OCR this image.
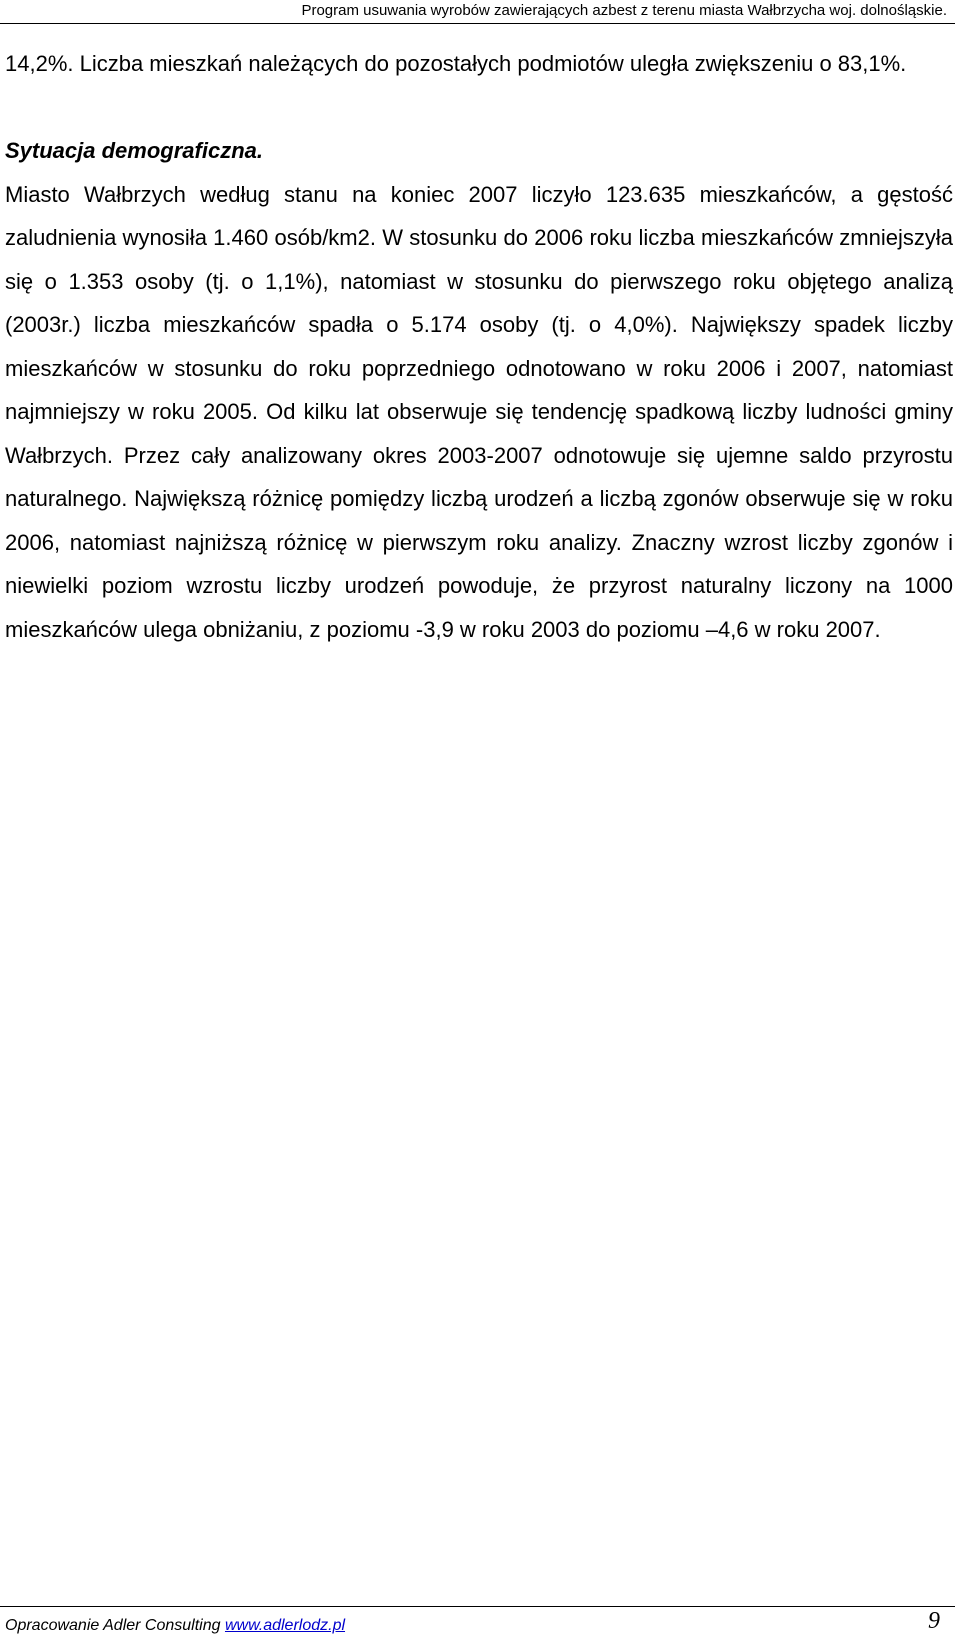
Program usuwania wyrobów zawierających azbest z terenu miasta Wałbrzycha woj. dolnośląskie.

14,2%. Liczba mieszkań należących do pozostałych podmiotów uległa zwiększeniu o 83,1%.

Sytuacja demograficzna.

Miasto Wałbrzych według stanu na koniec 2007 liczyło 123.635 mieszkańców, a gęstość zaludnienia wynosiła 1.460 osób/km2. W stosunku do 2006 roku liczba mieszkańców zmniejszyła się o 1.353 osoby (tj. o 1,1%), natomiast w stosunku do pierwszego roku objętego analizą (2003r.) liczba mieszkańców spadła o 5.174 osoby (tj. o 4,0%). Największy spadek liczby mieszkańców w stosunku do roku poprzedniego odnotowano w roku 2006 i 2007, natomiast najmniejszy w roku 2005. Od kilku lat obserwuje się tendencję spadkową liczby ludności gminy Wałbrzych. Przez cały analizowany okres 2003-2007 odnotowuje się ujemne saldo przyrostu naturalnego. Największą różnicę pomiędzy liczbą urodzeń a liczbą zgonów obserwuje się w roku 2006, natomiast najniższą różnicę w pierwszym roku analizy. Znaczny wzrost liczby zgonów i niewielki poziom wzrostu liczby urodzeń powoduje, że przyrost naturalny liczony na 1000 mieszkańców ulega obniżaniu, z poziomu -3,9 w roku 2003 do poziomu –4,6 w roku 2007.

Opracowanie Adler Consulting www.adlerlodz.pl	9
